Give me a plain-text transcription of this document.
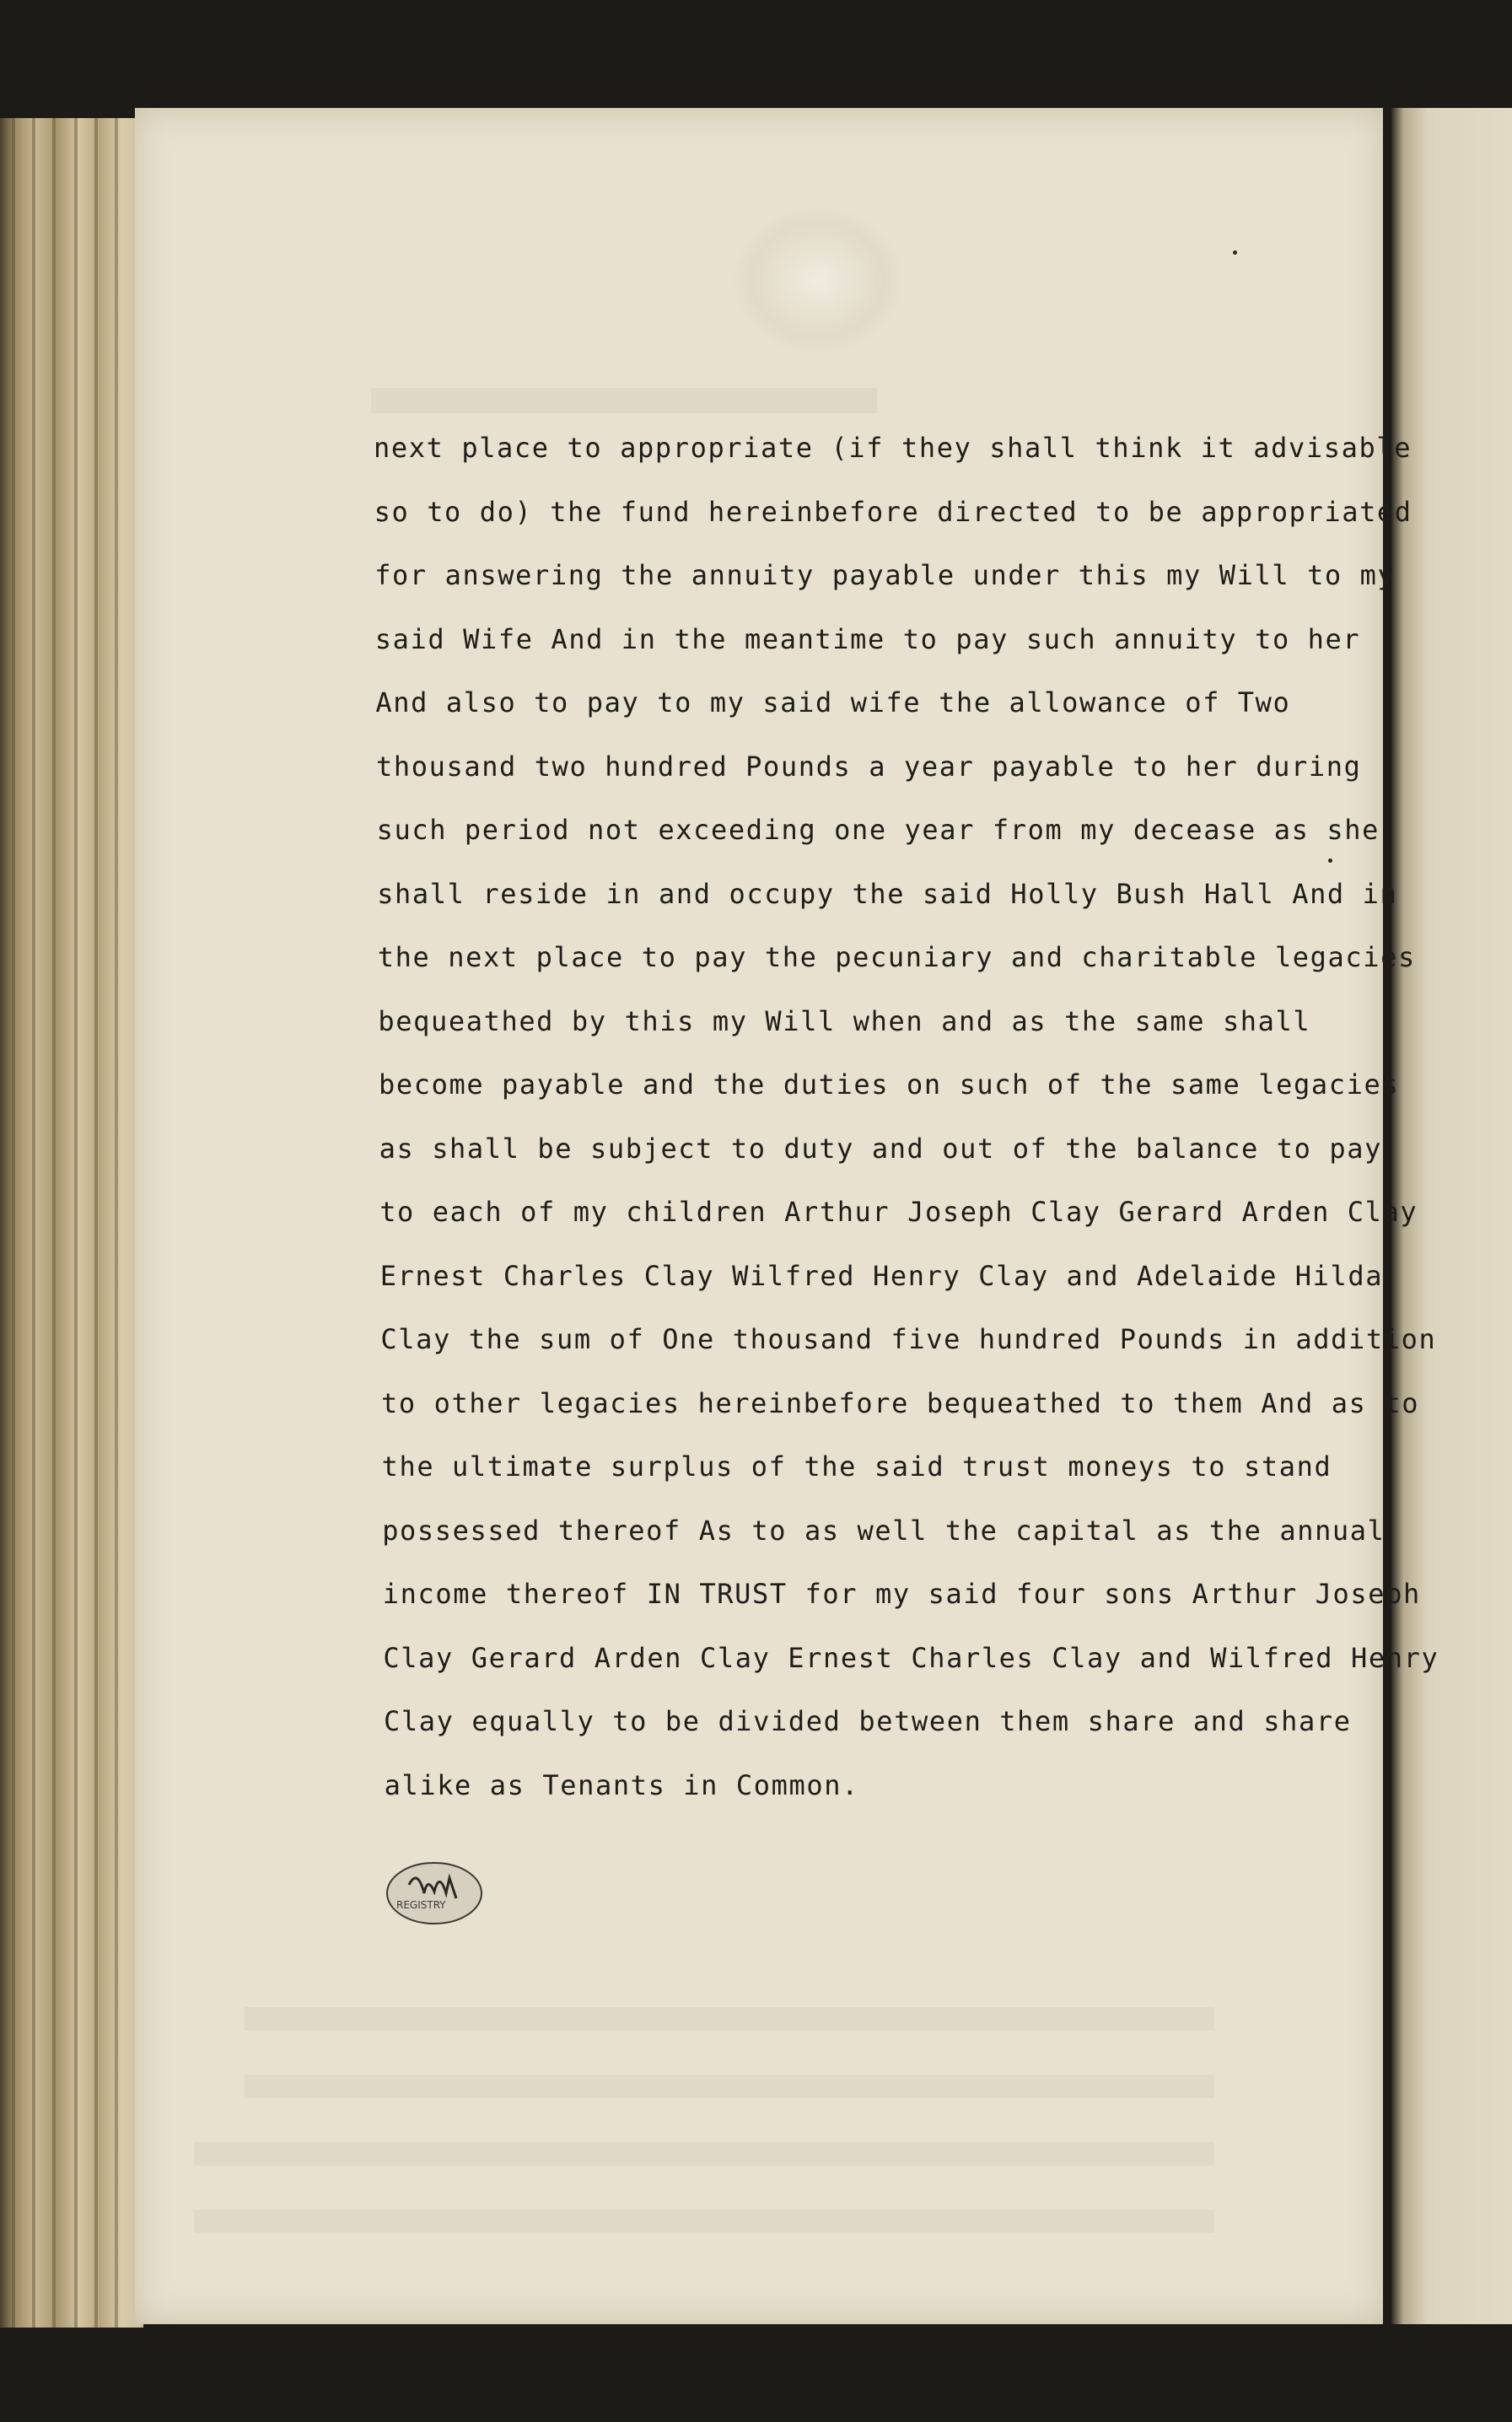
next place to appropriate (if they shall think it advisable
so to do) the fund hereinbefore directed to be appropriated
for answering the annuity payable under this my Will to my
said Wife And in the meantime to pay such annuity to her
And also to pay to my said wife the allowance of Two
thousand two hundred Pounds a year payable to her during
such period not exceeding one year from my decease as she
shall reside in and occupy the said Holly Bush Hall And in
the next place to pay the pecuniary and charitable legacies
bequeathed by this my Will when and as the same shall
become payable and the duties on such of the same legacies
as shall be subject to duty and out of the balance to pay
to each of my children Arthur Joseph Clay Gerard Arden Clay
Ernest Charles Clay Wilfred Henry Clay and Adelaide Hilda
Clay the sum of One thousand five hundred Pounds in addition
to other legacies hereinbefore bequeathed to them And as to
the ultimate surplus of the said trust moneys to stand
possessed thereof As to as well the capital as the annual
income thereof IN TRUST for my said four sons Arthur Joseph
Clay Gerard Arden Clay Ernest Charles Clay and Wilfred Henry
Clay equally to be divided between them share and share
alike as Tenants in Common.
REGISTRY
